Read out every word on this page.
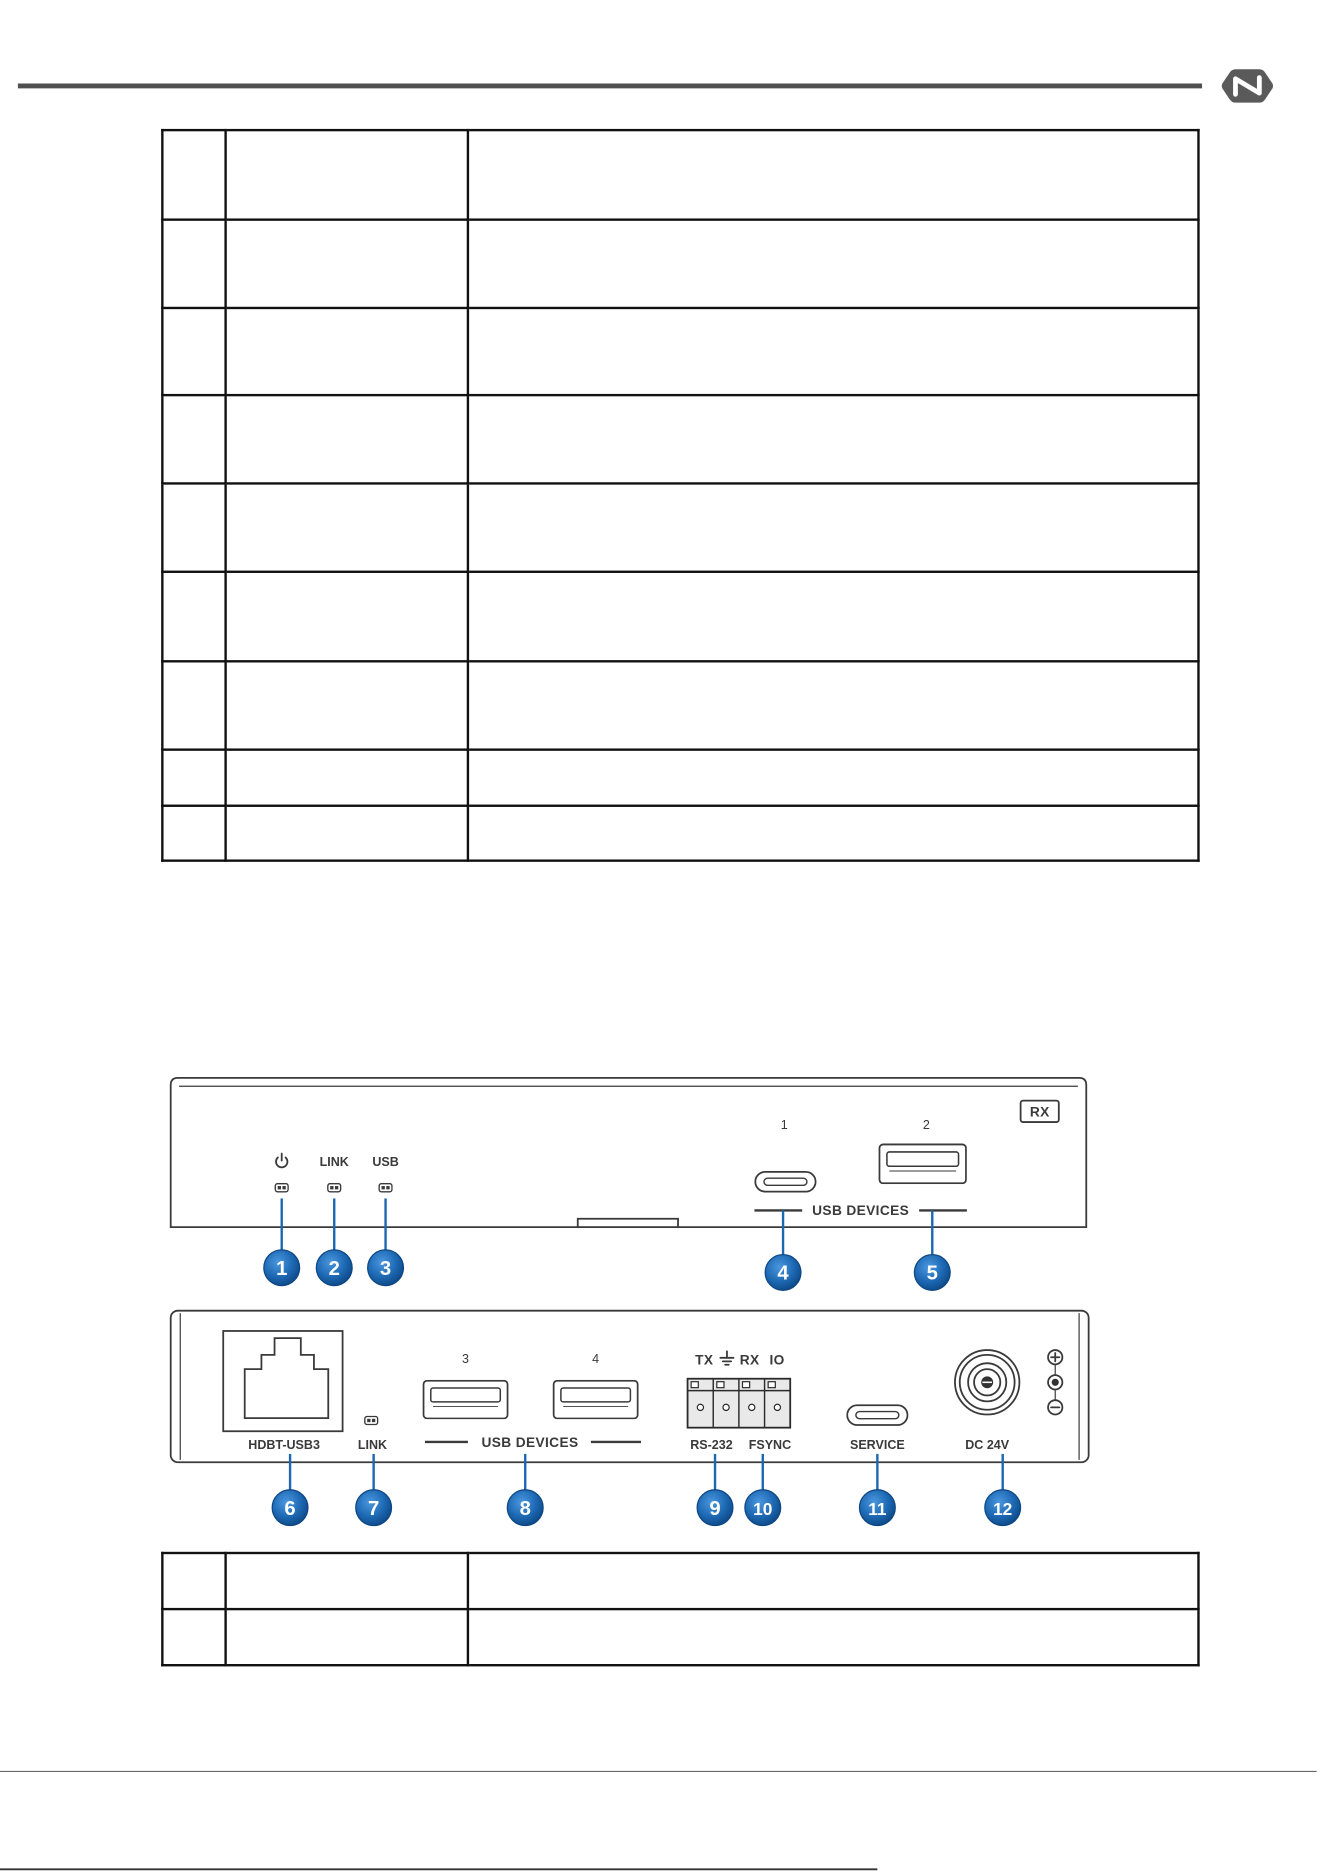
LINK USB
1	2
USB DEVICES
RX
1 2 3	4	5
HDBT-USB3	LINK
3	4
USB DEVICES
TX RX IO
RS-232 FSYNC	SERVICE	DC 24V
6	7	8	9 10	11	12
